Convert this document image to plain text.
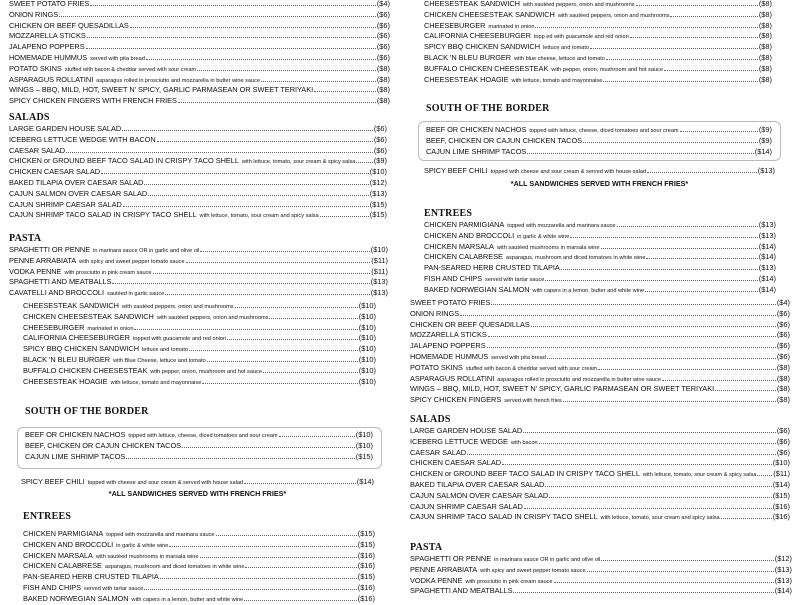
SWEET POTATO FRIES	($4)
ONION RINGS	($6)
CHICKEN OR BEEF QUESADILLAS	($6)
MOZZARELLA STICKS	($6)
JALAPENO POPPERS	($6)
HOMEMADE HUMMUS served with pita bread	($6)
POTATO SKINS stuffed with bacon & cheddar served with sour cream	($8)
ASPARAGUS ROLLATINI asparagus rolled in prosciutto and mozzarella in butter wine sauce	($8)
WINGS – BBQ, MILD, HOT, SWEET N' SPICY, GARLIC PARMASEAN OR SWEET TERIYAKI	($8)
SPICY CHICKEN FINGERS WITH FRENCH FRIES	($8)
SALADS
LARGE GARDEN HOUSE SALAD	($6)
ICEBERG LETTUCE WEDGE WITH BACON	($6)
CAESAR SALAD	($6)
CHICKEN or GROUND BEEF TACO SALAD IN CRISPY TACO SHELL with lettuce, tomato, sour cream & spicy salsa ($9)
CHICKEN CAESAR SALAD	($10)
BAKED TILAPIA OVER CAESAR SALAD	($12)
CAJUN SALMON OVER CAESAR SALAD	($13)
CAJUN SHRIMP CAESAR SALAD	($15)
CAJUN SHRIMP TACO SALAD IN CRISPY TACO SHELL with lettuce, tomato, sour cream and spicy salsa	($15)
PASTA
SPAGHETTI OR PENNE in marinara sauce OR in garlic and olive oil	($10)
PENNE ARRABIATA with spicy and sweet pepper tomato sauce	($11)
VODKA PENNE with prosciutto in pink cream sauce	($11)
SPAGHETTI AND MEATBALLS	($13)
CAVATELLI AND BROCCOLI sautéed in garlic sauce	($13)
CHEESESTEAK SANDWICH with sautéed peppers, onion and mushrooms	($10)
CHICKEN CHEESESTEAK SANDWICH with sautéed peppers, onion and mushrooms	($10)
CHEESEBURGER marinated in onion	($10)
CALIFORNIA CHEESEBURGER topped with guacamole and red onion	($10)
SPICY BBQ CHICKEN SANDWICH lettuce and tomato	($10)
BLACK 'N BLEU BURGER with Blue Cheese, lettuce and tomato	($10)
BUFFALO CHICKEN CHEESESTEAK with pepper, onion, mushroom and hot sauce	($10)
CHEESESTEAK HOAGIE with lettuce, tomato and mayonnaise	($10)
SOUTH OF THE BORDER
BEEF OR CHICKEN NACHOS topped with lettuce, cheese, diced tomatoes and sour cream	($10)
BEEF, CHICKEN OR CAJUN CHICKEN TACOS	($10)
CAJUN LIME SHRIMP TACOS	($15)
SPICY BEEF CHILI topped with cheese and sour cream & served with house salad	($14)
*ALL SANDWICHES SERVED WITH FRENCH FRIES*
ENTREES
CHICKEN PARMIGIANA topped with mozzarella and marinara sauce	($15)
CHICKEN AND BROCCOLI in garlic & white wine	($15)
CHICKEN MARSALA with sautéed mushrooms in marsala wine	($16)
CHICKEN CALABRESE asparagus, mushroom and diced tomatoes in white wine	($16)
PAN-SEARED HERB CRUSTED TILAPIA	($15)
FISH AND CHIPS served with tartar sauce	($16)
BAKED NORWEGIAN SALMON with capers in a lemon, butter and white wine	($16)
CHEESESTEAK SANDWICH with sautéed peppers, onion and mushrooms	($8)
CHICKEN CHEESESTEAK SANDWICH with sautéed peppers, onion and mushrooms	($8)
CHEESEBURGER marinated in onion	($8)
CALIFORNIA CHEESEBURGER topp ed with guacamole and red onion	($8)
SPICY BBQ CHICKEN SANDWICH lettuce and tomato	($8)
BLACK 'N BLEU BURGER with blue cheese, lettuce and tomato	($8)
BUFFALO CHICKEN CHEESESTEAK with pepper, onion, mushroom and hot sauce	($8)
CHEESESTEAK HOAGIE with lettuce, tomato and mayonnaise	($8)
SOUTH OF THE BORDER
BEEF OR CHICKEN NACHOS topped with lettuce, cheese, diced tomatoes and sour cream	($9)
BEEF, CHICKEN OR CAJUN CHICKEN TACOS	($9)
CAJUN LIME SHRIMP TACOS	($14)
SPICY BEEF CHILI topped with cheese and sour cream & served with house salad	($13)
*ALL SANDWICHES SERVED WITH FRENCH FRIES*
ENTREES
CHICKEN PARMIGIANA topped with mozzarella and marinara sauce	($13)
CHICKEN AND BROCCOLI in garlic & white wine	($13)
CHICKEN MARSALA with sautéed mushrooms in marsala wine	($14)
CHICKEN CALABRESE asparagus, mushroom and diced tomatoes in white wine	($14)
PAN-SEARED HERB CRUSTED TILAPIA	($13)
FISH AND CHIPS served with tartar sauce	($14)
BAKED NORWEGIAN SALMON with capers in a lemon, butter and white wine	($14)
SWEET POTATO FRIES	($4)
ONION RINGS	($6)
CHICKEN OR BEEF QUESADILLAS	($6)
MOZZARELLA STICKS	($6)
JALAPENO POPPERS	($6)
HOMEMADE HUMMUS served with pita bread	($6)
POTATO SKINS stuffed with bacon & cheddar served with sour cream	($8)
ASPARAGUS ROLLATINI asparagus rolled in prosciutto and mozzarella in butter wine sauce	($8)
WINGS – BBQ, MILD, HOT, SWEET N' SPICY, GARLIC PARMASEAN OR SWEET TERIYAKI	($8)
SPICY CHICKEN FINGERS served with french fries	($8)
SALADS
LARGE GARDEN HOUSE SALAD	($6)
ICEBERG LETTUCE WEDGE with bacon	($6)
CAESAR SALAD	($6)
CHICKEN CAESAR SALAD	($10)
CHICKEN or GROUND BEEF TACO SALAD IN CRISPY TACO SHELL with lettuce, tomato, sour cream & spicy salsa ($11)
BAKED TILAPIA OVER CAESAR SALAD	($14)
CAJUN SALMON OVER CAESAR SALAD	($15)
CAJUN SHRIMP CAESAR SALAD	($16)
CAJUN SHRIMP TACO SALAD IN CRISPY TACO SHELL with lettuce, tomato, sour cream and spicy salsa	($16)
PASTA
SPAGHETTI OR PENNE in marinara sauce OR in garlic and olive oil	($12)
PENNE ARRABIATA with spicy and sweet pepper tomato sauce	($13)
VODKA PENNE with prosciutto in pink cream sauce	($13)
SPAGHETTI AND MEATBALLS	($14)
